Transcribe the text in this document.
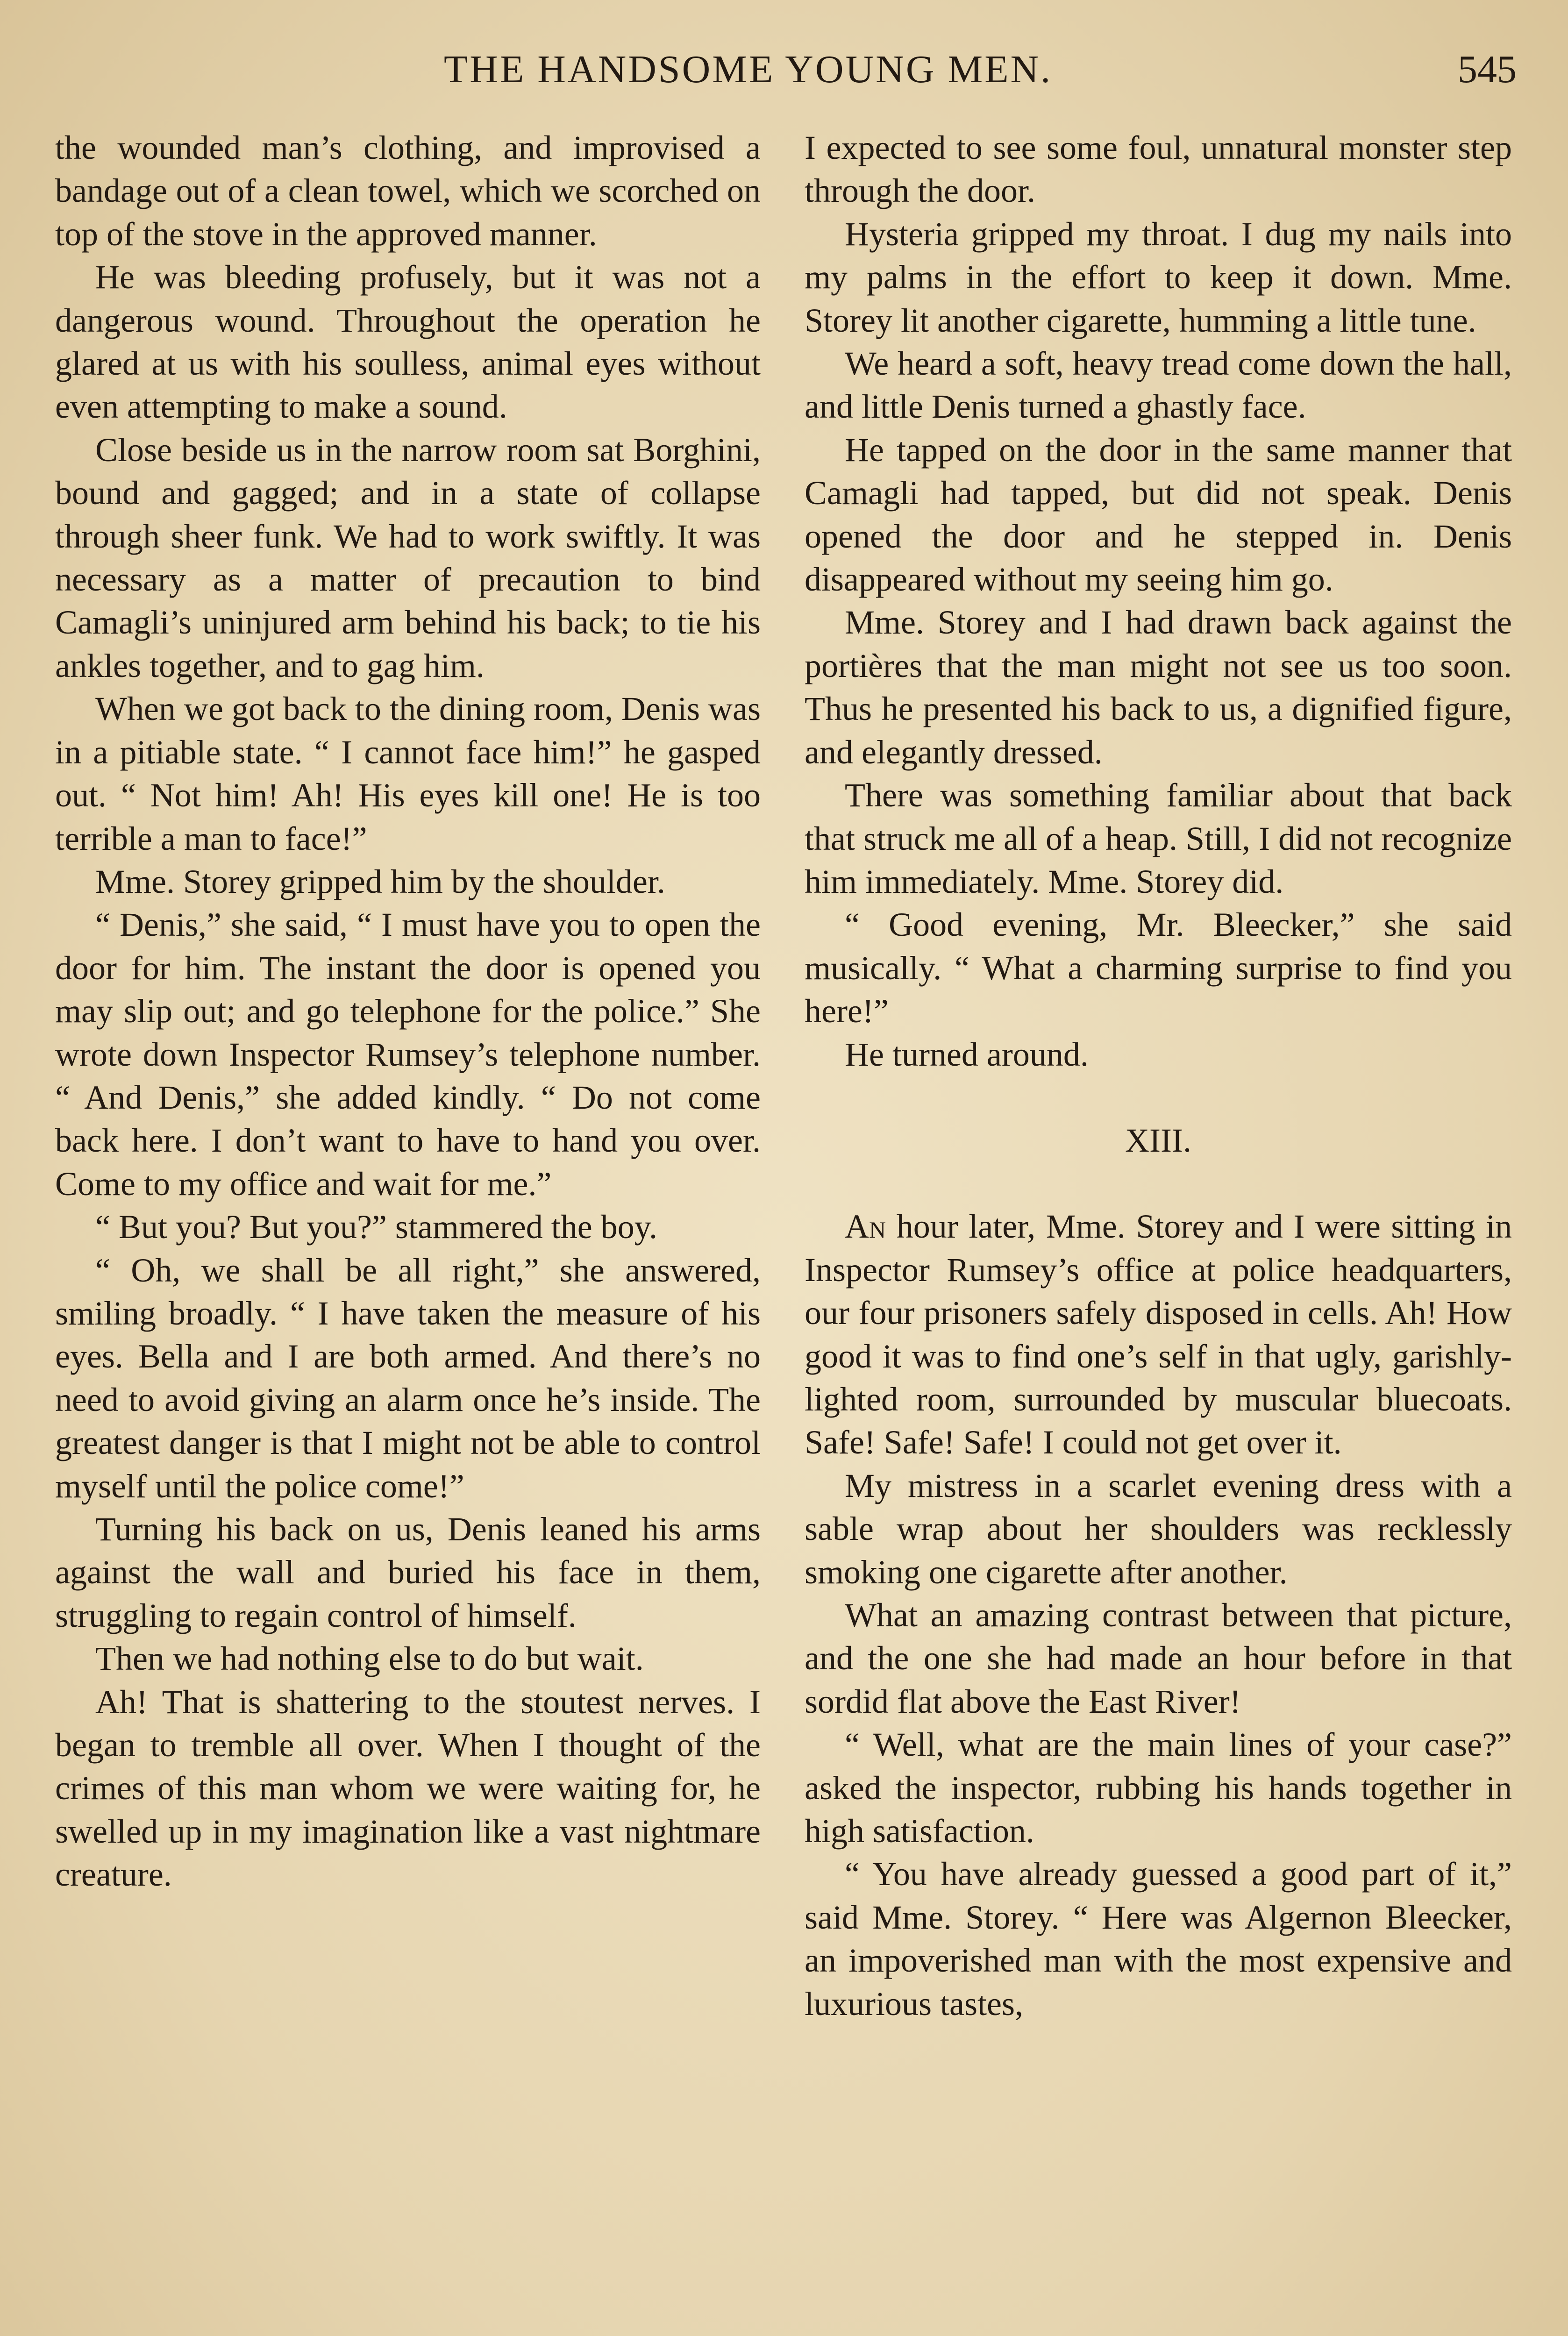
THE HANDSOME YOUNG MEN.	545

the wounded man’s clothing, and improvised a bandage out of a clean towel, which we scorched on top of the stove in the approved manner.

He was bleeding profusely, but it was not a dangerous wound. Throughout the operation he glared at us with his soulless, animal eyes without even attempting to make a sound.

Close beside us in the narrow room sat Borghini, bound and gagged; and in a state of collapse through sheer funk. We had to work swiftly. It was necessary as a matter of precaution to bind Camagli’s uninjured arm behind his back; to tie his ankles together, and to gag him.

When we got back to the dining room, Denis was in a pitiable state. “ I cannot face him!” he gasped out. “ Not him! Ah! His eyes kill one! He is too terrible a man to face!”

Mme. Storey gripped him by the shoulder.

“ Denis,” she said, “ I must have you to open the door for him. The instant the door is opened you may slip out; and go telephone for the police.” She wrote down Inspector Rumsey’s telephone number. “ And Denis,” she added kindly. “ Do not come back here. I don’t want to have to hand you over. Come to my office and wait for me.”

“ But you? But you?” stammered the boy.

“ Oh, we shall be all right,” she answered, smiling broadly. “ I have taken the measure of his eyes. Bella and I are both armed. And there’s no need to avoid giving an alarm once he’s inside. The greatest danger is that I might not be able to control myself until the police come!”

Turning his back on us, Denis leaned his arms against the wall and buried his face in them, struggling to regain control of himself.

Then we had nothing else to do but wait.

Ah! That is shattering to the stoutest nerves. I began to tremble all over. When I thought of the crimes of this man whom we were waiting for, he swelled up in my imagination like a vast nightmare creature.

I expected to see some foul, unnatural monster step through the door.

Hysteria gripped my throat. I dug my nails into my palms in the effort to keep it down. Mme. Storey lit another cigarette, humming a little tune.

We heard a soft, heavy tread come down the hall, and little Denis turned a ghastly face.

He tapped on the door in the same manner that Camagli had tapped, but did not speak. Denis opened the door and he stepped in. Denis disappeared without my seeing him go.

Mme. Storey and I had drawn back against the portières that the man might not see us too soon. Thus he presented his back to us, a dignified figure, and elegantly dressed.

There was something familiar about that back that struck me all of a heap. Still, I did not recognize him immediately. Mme. Storey did.

“ Good evening, Mr. Bleecker,” she said musically. “ What a charming surprise to find you here!”

He turned around.

XIII.

An hour later, Mme. Storey and I were sitting in Inspector Rumsey’s office at police headquarters, our four prisoners safely disposed in cells. Ah! How good it was to find one’s self in that ugly, garishly-lighted room, surrounded by muscular bluecoats. Safe! Safe! Safe! I could not get over it.

My mistress in a scarlet evening dress with a sable wrap about her shoulders was recklessly smoking one cigarette after another.

What an amazing contrast between that picture, and the one she had made an hour before in that sordid flat above the East River!

“ Well, what are the main lines of your case?” asked the inspector, rubbing his hands together in high satisfaction.

“ You have already guessed a good part of it,” said Mme. Storey. “ Here was Algernon Bleecker, an impoverished man with the most expensive and luxurious tastes,
